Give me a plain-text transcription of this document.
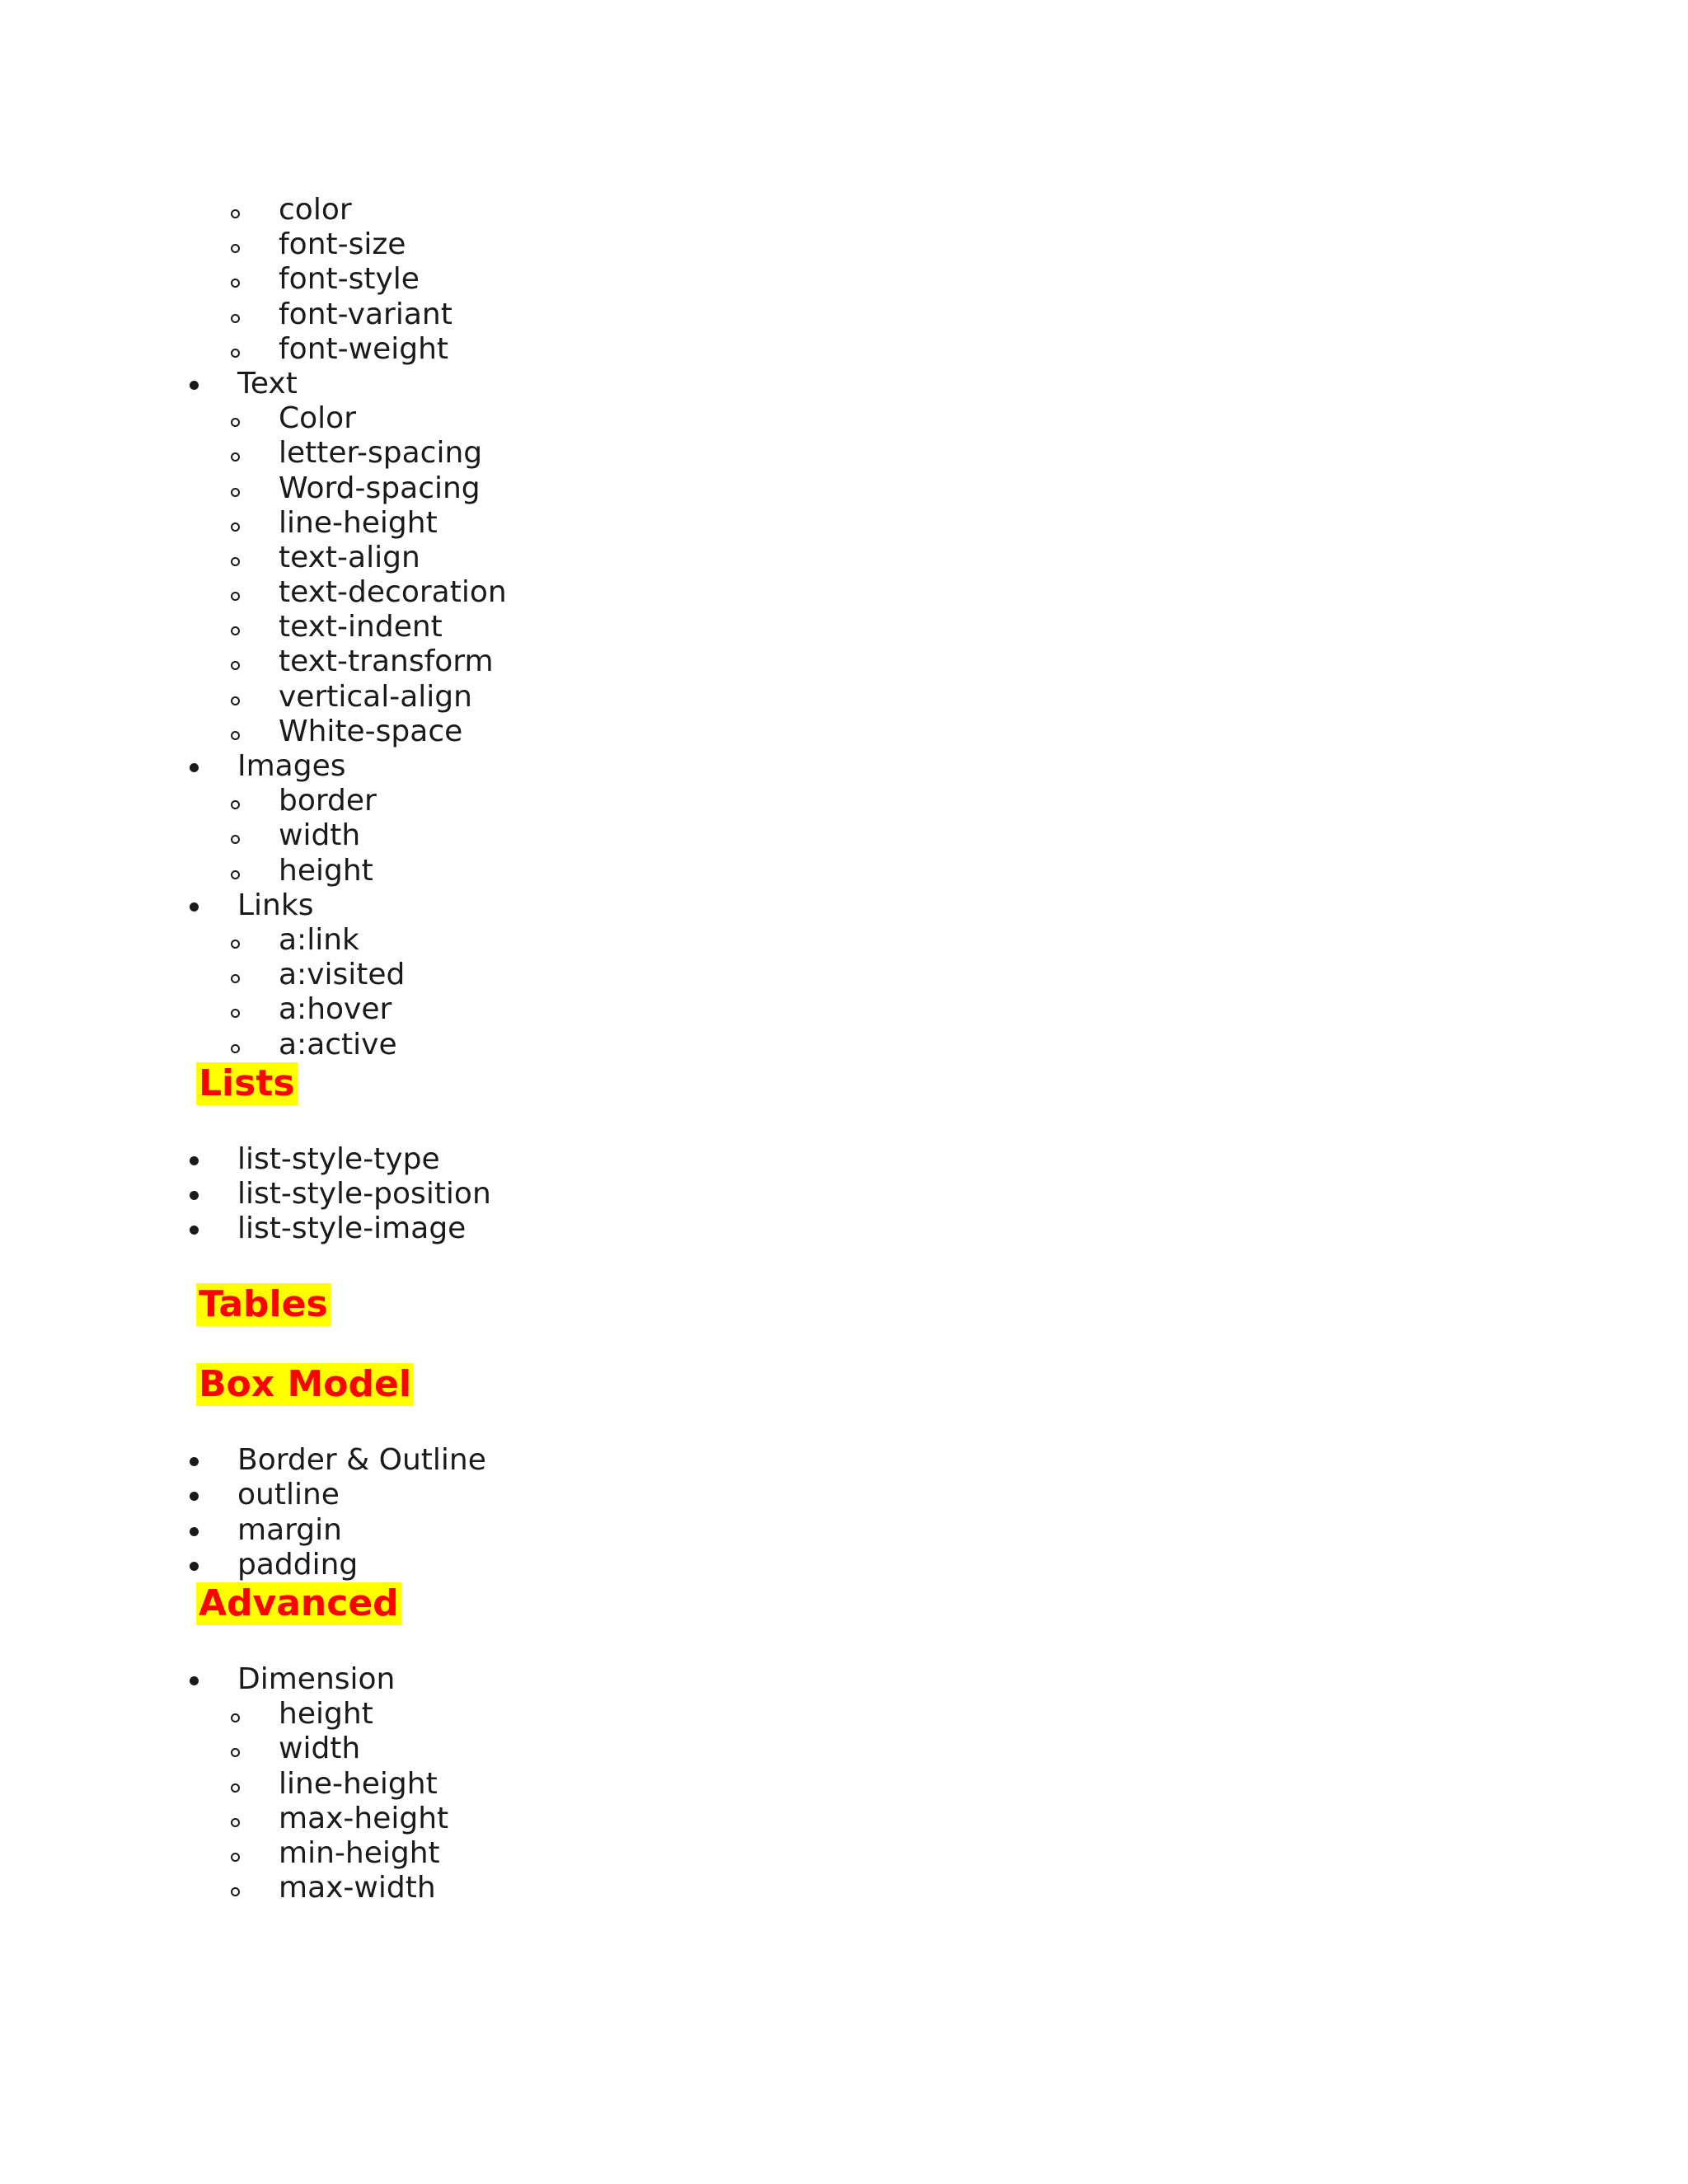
color
font-size
font-style
font-variant
font-weight
Text
Color
letter-spacing
Word-spacing
line-height
text-align
text-decoration
text-indent
text-transform
vertical-align
White-space
Images
border
width
height
Links
a:link
a:visited
a:hover
a:active
Lists
list-style-type
list-style-position
list-style-image
Tables
Box Model
Border & Outline
outline
margin
padding
Advanced
Dimension
height
width
line-height
max-height
min-height
max-width
